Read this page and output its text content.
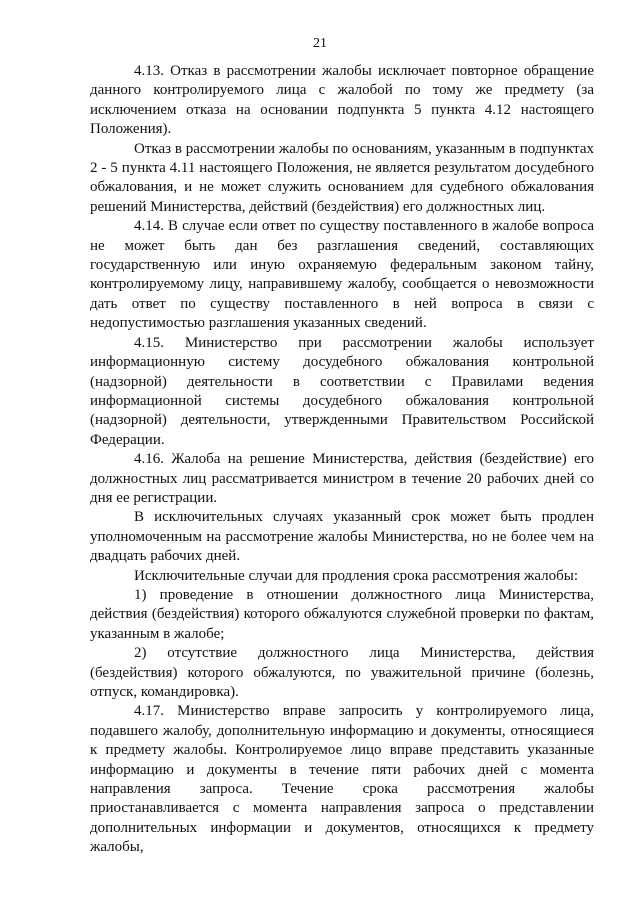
21

4.13. Отказ в рассмотрении жалобы исключает повторное обращение данного контролируемого лица с жалобой по тому же предмету (за исключением отказа на основании подпункта 5 пункта 4.12 настоящего Положения).

Отказ в рассмотрении жалобы по основаниям, указанным в подпунктах 2 - 5 пункта 4.11 настоящего Положения, не является результатом досудебного обжалования, и не может служить основанием для судебного обжалования решений Министерства, действий (бездействия) его должностных лиц.

4.14. В случае если ответ по существу поставленного в жалобе вопроса не может быть дан без разглашения сведений, составляющих государственную или иную охраняемую федеральным законом тайну, контролируемому лицу, направившему жалобу, сообщается о невозможности дать ответ по существу поставленного в ней вопроса в связи с недопустимостью разглашения указанных сведений.

4.15. Министерство при рассмотрении жалобы использует информационную систему досудебного обжалования контрольной (надзорной) деятельности в соответствии с Правилами ведения информационной системы досудебного обжалования контрольной (надзорной) деятельности, утвержденными Правительством Российской Федерации.

4.16. Жалоба на решение Министерства, действия (бездействие) его должностных лиц рассматривается министром в течение 20 рабочих дней со дня ее регистрации.

В исключительных случаях указанный срок может быть продлен уполномоченным на рассмотрение жалобы Министерства, но не более чем на двадцать рабочих дней.

Исключительные случаи для продления срока рассмотрения жалобы:

1) проведение в отношении должностного лица Министерства, действия (бездействия) которого обжалуются служебной проверки по фактам, указанным в жалобе;

2) отсутствие должностного лица Министерства, действия (бездействия) которого обжалуются, по уважительной причине (болезнь, отпуск, командировка).

4.17. Министерство вправе запросить у контролируемого лица, подавшего жалобу, дополнительную информацию и документы, относящиеся к предмету жалобы. Контролируемое лицо вправе представить указанные информацию и документы в течение пяти рабочих дней с момента направления запроса. Течение срока рассмотрения жалобы приостанавливается с момента направления запроса о представлении дополнительных информации и документов, относящихся к предмету жалобы,
